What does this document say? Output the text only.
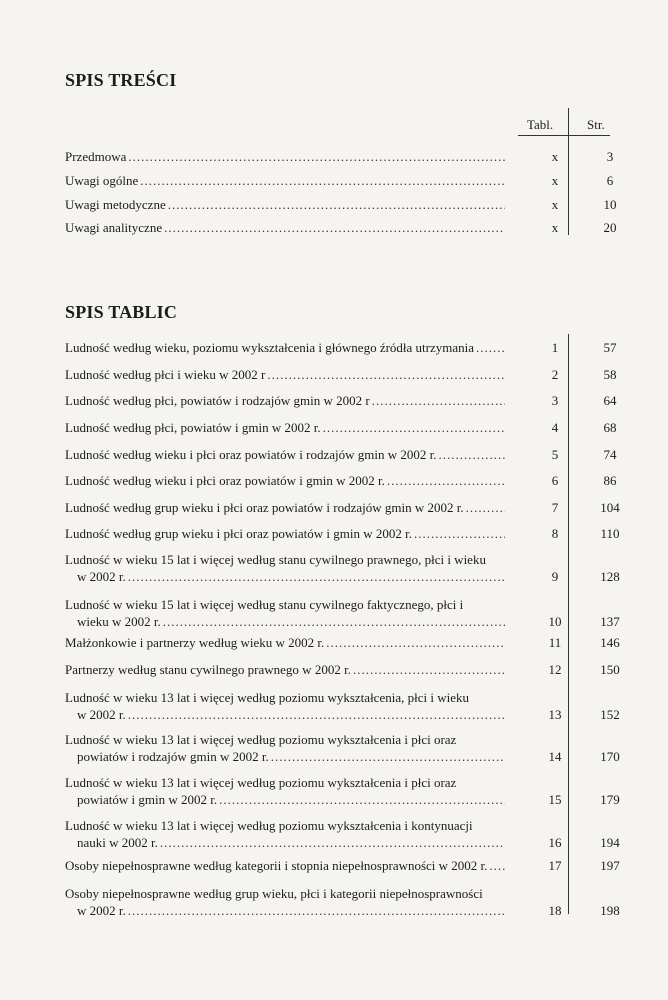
SPIS TREŚCI
Tabl.	Str.
Przedmowa .....	x	3
Uwagi ogólne .....	x	6
Uwagi metodyczne .....	x	10
Uwagi analityczne .....	x	20
SPIS TABLIC
Ludność według wieku, poziomu wykształcenia i głównego źródła utrzymania .....	1	57
Ludność według płci i wieku w 2002 r .....	2	58
Ludność według płci, powiatów i rodzajów gmin w 2002 r .....	3	64
Ludność według płci, powiatów i gmin w 2002 r. .....	4	68
Ludność według wieku i płci oraz powiatów i rodzajów gmin w 2002 r. .....	5	74
Ludność według wieku i płci oraz powiatów i gmin w 2002 r. .....	6	86
Ludność według grup wieku i płci oraz powiatów i rodzajów gmin w 2002 r. .....	7	104
Ludność według grup wieku i płci oraz powiatów i gmin w 2002 r. .....	8	110
Ludność w wieku 15 lat i więcej według stanu cywilnego prawnego, płci i wieku
w 2002 r. .....	9	128
Ludność w wieku 15 lat i więcej według stanu cywilnego faktycznego, płci i
wieku w 2002 r. .....	10	137
Małżonkowie i partnerzy według wieku w 2002 r. .....	11	146
Partnerzy według stanu cywilnego prawnego w 2002 r. .....	12	150
Ludność w wieku 13 lat i więcej według poziomu wykształcenia, płci i wieku
w 2002 r. .....	13	152
Ludność w wieku 13 lat i więcej według poziomu wykształcenia i płci oraz
powiatów i rodzajów gmin w 2002 r. .....	14	170
Ludność w wieku 13 lat i więcej według poziomu wykształcenia i płci oraz
powiatów i gmin w 2002 r. .....	15	179
Ludność w wieku 13 lat i więcej według poziomu wykształcenia i kontynuacji
nauki w 2002 r. .....	16	194
Osoby niepełnosprawne według kategorii i stopnia niepełnosprawności w 2002 r. .....	17	197
Osoby niepełnosprawne według grup wieku, płci i kategorii niepełnosprawności
w 2002 r. .....	18	198
